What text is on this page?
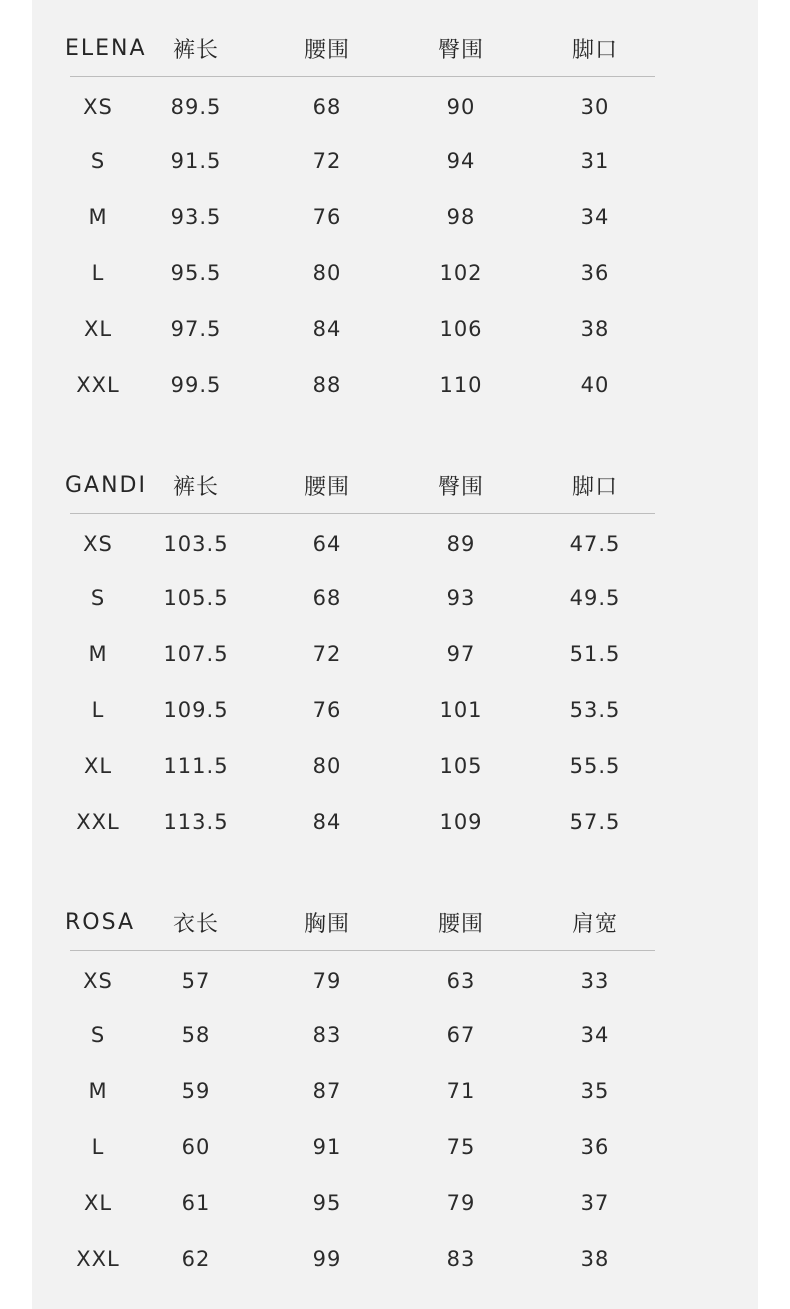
ELENA	裤长	腰围	臀围	脚口
XS	89.5	68	90	30
S	91.5	72	94	31
M	93.5	76	98	34
L	95.5	80	102	36
XL	97.5	84	106	38
XXL	99.5	88	110	40
GANDI	裤长	腰围	臀围	脚口
XS	103.5	64	89	47.5
S	105.5	68	93	49.5
M	107.5	72	97	51.5
L	109.5	76	101	53.5
XL	111.5	80	105	55.5
XXL	113.5	84	109	57.5
ROSA	衣长	胸围	腰围	肩宽
XS	57	79	63	33
S	58	83	67	34
M	59	87	71	35
L	60	91	75	36
XL	61	95	79	37
XXL	62	99	83	38
